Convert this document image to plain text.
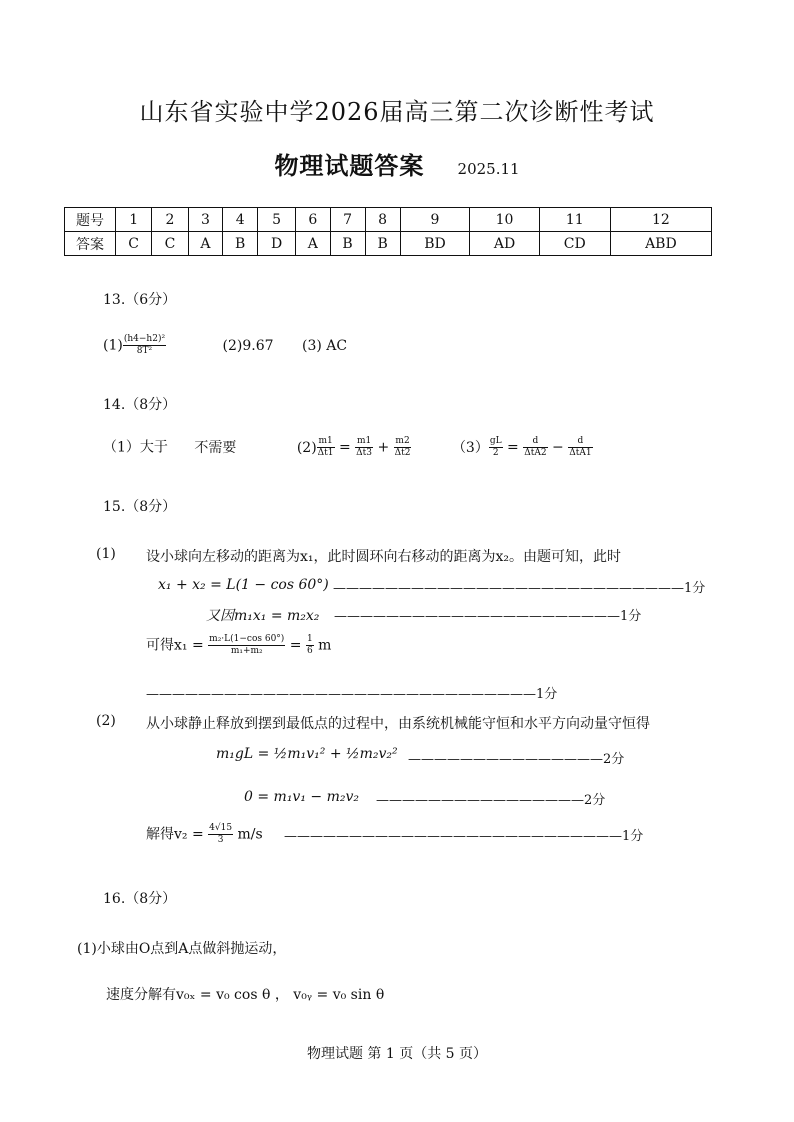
山东省实验中学2026届高三第二次诊断性考试
物理试题答案 2025.11
题号	1	2	3	4	5	6	7	8	9	10	11	12
答案	C	C	A	B	D	A	B	B	BD	AD	CD	ABD
13.（6分）
$(1) \frac{\text{(h4−h2)²}}{\text{8T²}}$	(2)9.67 (3) AC
14.（8分）
（1）大于 不需要	$(2) \frac{m1}{\Delta t1} = \frac{m1}{\Delta t3} + \frac{m2}{\Delta t2}$	$(3) \frac{gL}{2} = \frac{d}{\text{ΔtA2}} - \frac{d}{\text{ΔtA1}}$
15.（8分）
(1) 设小球向左移动的距离为x₁，此时圆环向右移动的距离为x₂。由题可知，此时
x₁ + x₂ = L(1 − cos 60°) ———————————————————————————1分
又因m₁x₁ = m₂x₂ ——————————————————————1分
可得$x_1 = \frac{\text{m₂·L(1−cos 60°)}}{\text{m₁+m₂}} = \frac{1}{6}$ m
——————————————————————————————1分
(2) 从小球静止释放到摆到最低点的过程中，由系统机械能守恒和水平方向动量守恒得
m₁gL = ½m₁v₁² + ½m₂v₂² ———————————————2分
0 = m₁v₁ − m₂v₂ ————————————————2分
解得$v_2 = \frac{4√15}{3} m/s$ ——————————————————————————1分
16.（8分）
(1)小球由O点到A点做斜抛运动，
速度分解有v₀ₓ = v₀ cos θ ， v₀ᵧ = v₀ sin θ
物理试题 第 1 页（共 5 页）
